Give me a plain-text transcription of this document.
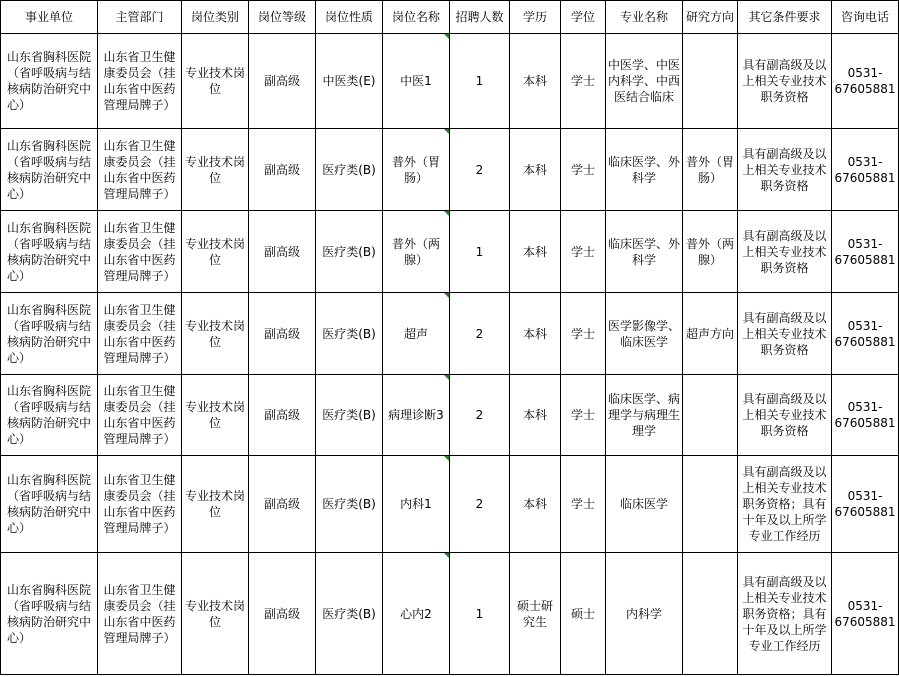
事业单位	主管部门	岗位类别	岗位等级	岗位性质	岗位名称	招聘人数	学历	学位	专业名称	研究方向	其它条件要求	咨询电话
山东省胸科医院（省呼吸病与结核病防治研究中心）	山东省卫生健康委员会（挂山东省中医药管理局牌子）	专业技术岗位	副高级	中医类(E)	中医1	1	本科	学士	中医学、中医内科学、中西医结合临床		具有副高级及以上相关专业技术职务资格	0531-67605881
山东省胸科医院（省呼吸病与结核病防治研究中心）	山东省卫生健康委员会（挂山东省中医药管理局牌子）	专业技术岗位	副高级	医疗类(B)	普外（胃肠）	2	本科	学士	临床医学、外科学	普外（胃肠）	具有副高级及以上相关专业技术职务资格	0531-67605881
山东省胸科医院（省呼吸病与结核病防治研究中心）	山东省卫生健康委员会（挂山东省中医药管理局牌子）	专业技术岗位	副高级	医疗类(B)	普外（两腺）	1	本科	学士	临床医学、外科学	普外（两腺）	具有副高级及以上相关专业技术职务资格	0531-67605881
山东省胸科医院（省呼吸病与结核病防治研究中心）	山东省卫生健康委员会（挂山东省中医药管理局牌子）	专业技术岗位	副高级	医疗类(B)	超声	2	本科	学士	医学影像学、临床医学	超声方向	具有副高级及以上相关专业技术职务资格	0531-67605881
山东省胸科医院（省呼吸病与结核病防治研究中心）	山东省卫生健康委员会（挂山东省中医药管理局牌子）	专业技术岗位	副高级	医疗类(B)	病理诊断3	2	本科	学士	临床医学、病理学与病理生理学		具有副高级及以上相关专业技术职务资格	0531-67605881
山东省胸科医院（省呼吸病与结核病防治研究中心）	山东省卫生健康委员会（挂山东省中医药管理局牌子）	专业技术岗位	副高级	医疗类(B)	内科1	2	本科	学士	临床医学		具有副高级及以上相关专业技术职务资格；具有十年及以上所学专业工作经历	0531-67605881
山东省胸科医院（省呼吸病与结核病防治研究中心）	山东省卫生健康委员会（挂山东省中医药管理局牌子）	专业技术岗位	副高级	医疗类(B)	心内2	1	硕士研究生	硕士	内科学		具有副高级及以上相关专业技术职务资格；具有十年及以上所学专业工作经历	0531-67605881
